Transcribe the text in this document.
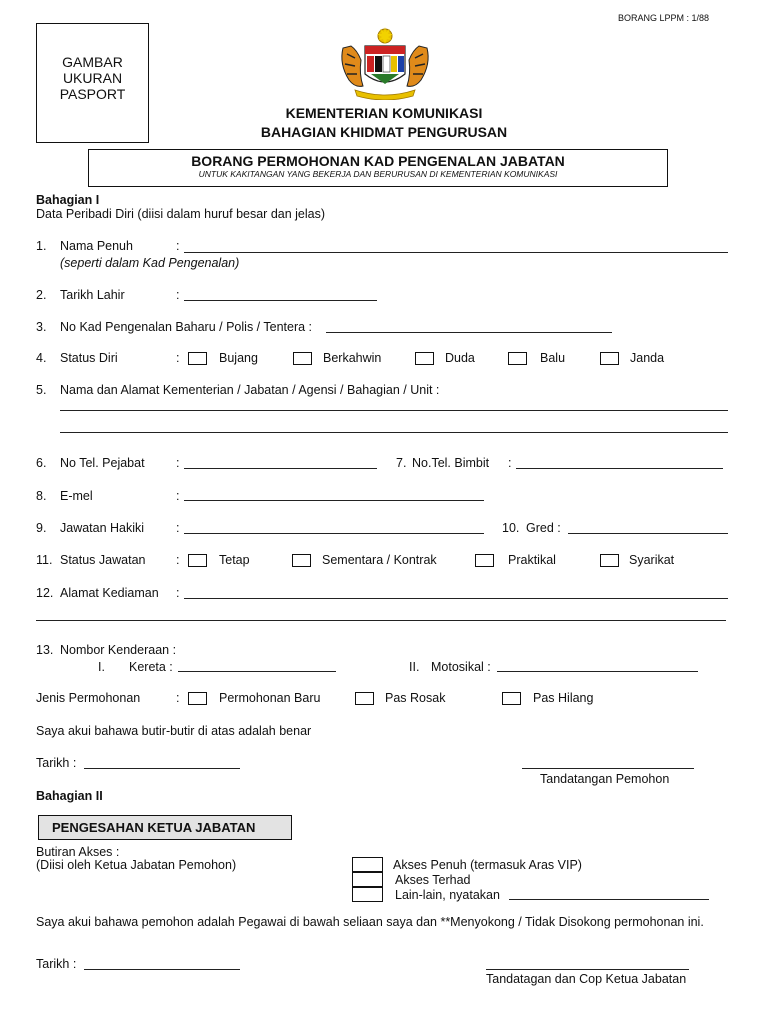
BORANG LPPM : 1/88
GAMBAR
UKURAN
PASPORT
KEMENTERIAN KOMUNIKASI
BAHAGIAN KHIDMAT PENGURUSAN
BORANG PERMOHONAN KAD PENGENALAN JABATAN
UNTUK KAKITANGAN YANG BEKERJA DAN BERURUSAN DI KEMENTERIAN KOMUNIKASI
Bahagian I
Data Peribadi Diri (diisi dalam huruf besar dan jelas)
1. Nama Penuh	:
(seperti dalam Kad Pengenalan)
2. Tarikh Lahir	:
3. No Kad Pengenalan Baharu / Polis / Tentera :
4. Status Diri	:	Bujang	Berkahwin	Duda	Balu	Janda
5. Nama dan Alamat Kementerian / Jabatan / Agensi / Bahagian / Unit :
6. No Tel. Pejabat	:	7. No.Tel. Bimbit :
8. E-mel	:
9. Jawatan Hakiki	:	10. Gred :
11. Status Jawatan :	Tetap	Sementara / Kontrak	Praktikal	Syarikat
12. Alamat Kediaman :
13. Nombor Kenderaan :
I. Kereta :	II. Motosikal :
Jenis Permohonan	:	Permohonan Baru	Pas Rosak	Pas Hilang
Saya akui bahawa butir-butir di atas adalah benar
Tarikh :
Tandatangan Pemohon
Bahagian II
PENGESAHAN KETUA JABATAN
Butiran Akses :
(Diisi oleh Ketua Jabatan Pemohon)	Akses Penuh (termasuk Aras VIP)
Akses Terhad
Lain-lain, nyatakan
Saya akui bahawa pemohon adalah Pegawai di bawah seliaan saya dan **Menyokong / Tidak Disokong permohonan ini.
Tarikh :
Tandatagan dan Cop Ketua Jabatan
